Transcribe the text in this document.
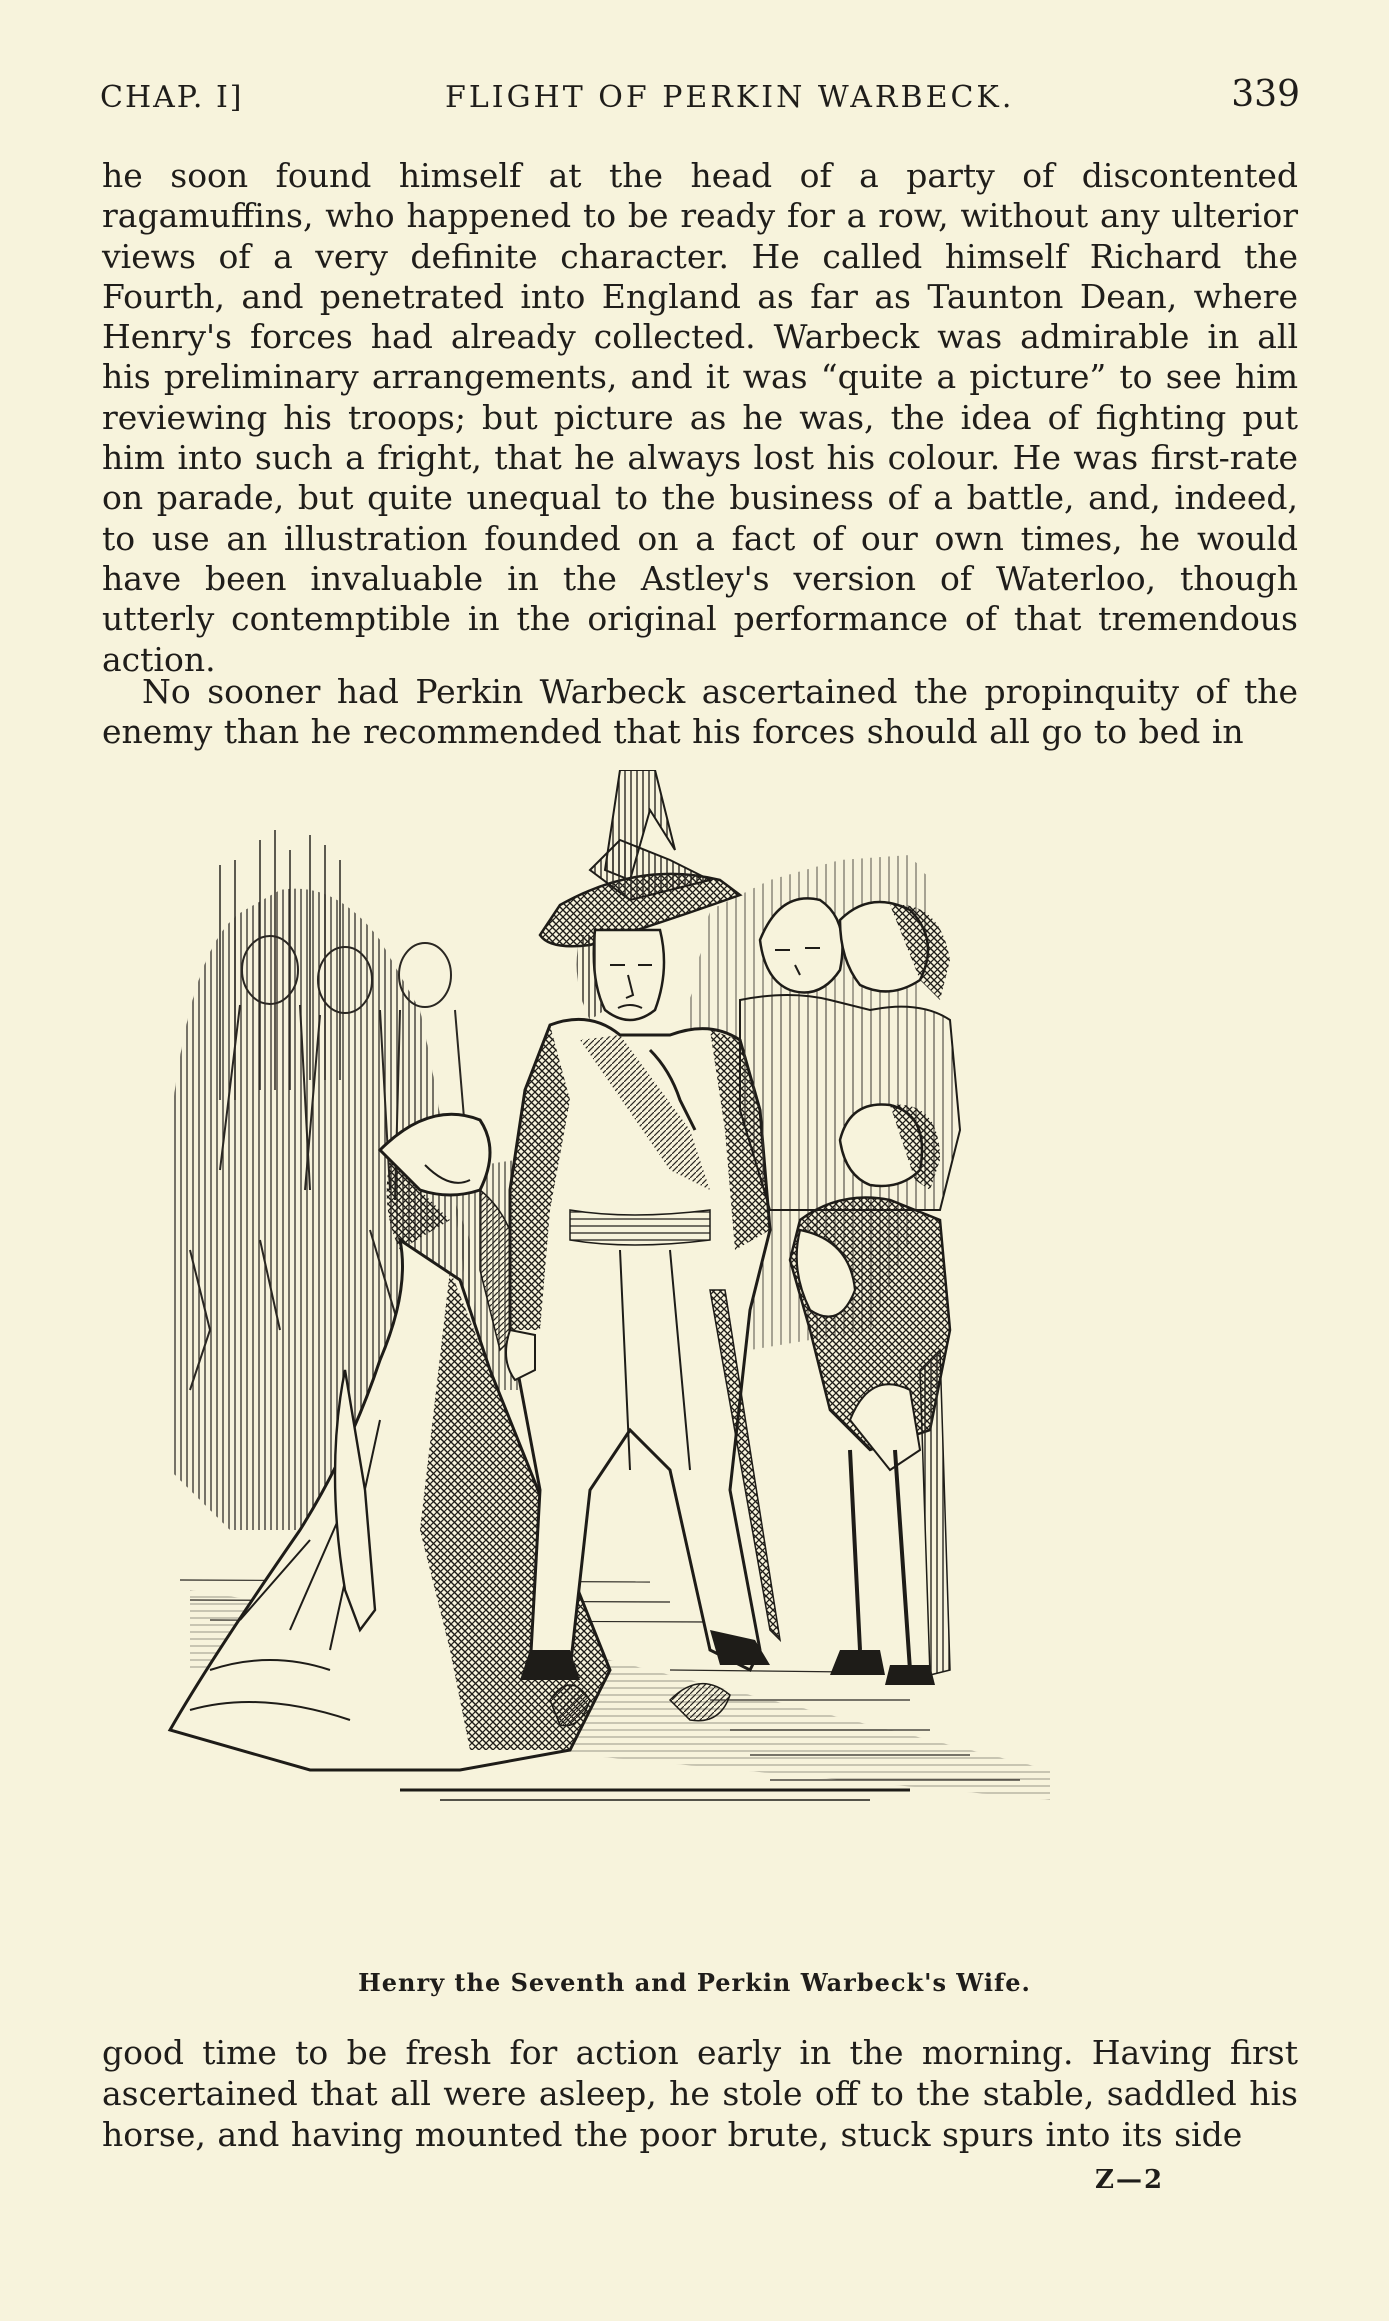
CHAP. I]	FLIGHT OF PERKIN WARBECK.	339
he soon found himself at the head of a party of discontented ragamuffins, who happened to be ready for a row, without any ulterior views of a very definite character. He called himself Richard the Fourth, and penetrated into England as far as Taunton Dean, where Henry's forces had already collected. Warbeck was admirable in all his preliminary arrangements, and it was “quite a picture” to see him reviewing his troops; but picture as he was, the idea of fighting put him into such a fright, that he always lost his colour. He was first-rate on parade, but quite unequal to the business of a battle, and, indeed, to use an illustration founded on a fact of our own times, he would have been invaluable in the Astley's version of Waterloo, though utterly contemptible in the original performance of that tremendous action.
No sooner had Perkin Warbeck ascertained the propinquity of the enemy than he recommended that his forces should all go to bed in
Henry the Seventh and Perkin Warbeck's Wife.
good time to be fresh for action early in the morning. Having first ascertained that all were asleep, he stole off to the stable, saddled his horse, and having mounted the poor brute, stuck spurs into its side
Z—2
